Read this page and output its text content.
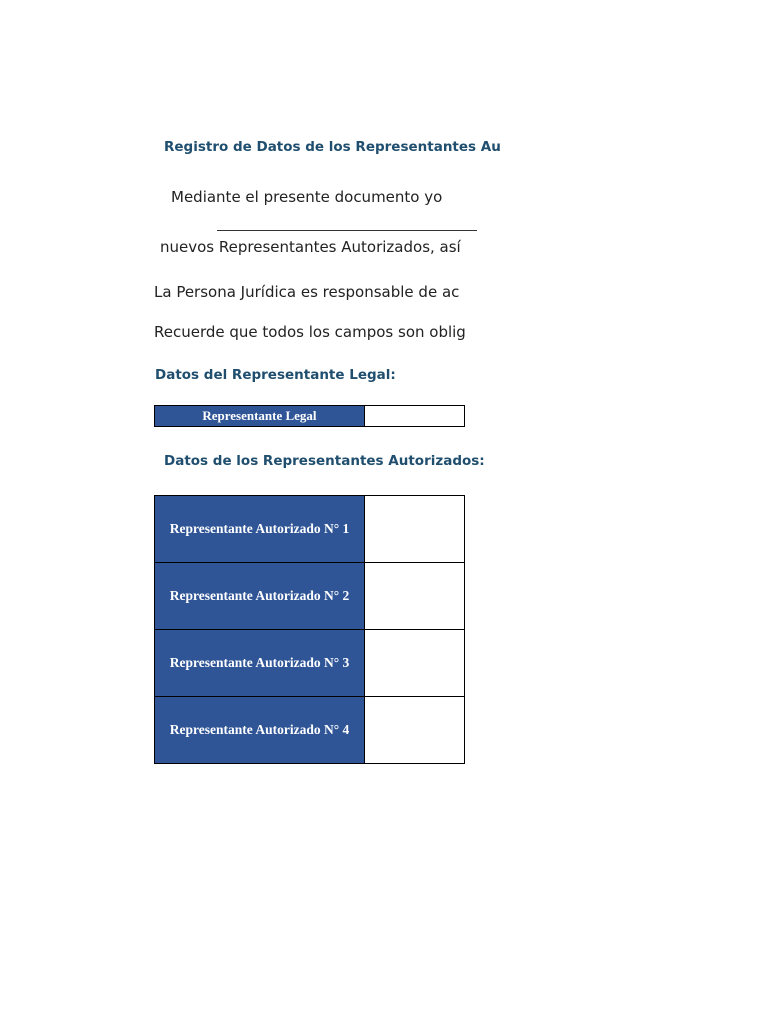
Registro de Datos de los Representantes Au
Mediante el presente documento yo
nuevos Representantes Autorizados, así
La Persona Jurídica es responsable de ac
Recuerde que todos los campos son oblig
Datos del Representante Legal:
Representante Legal	
Datos de los Representantes Autorizados:
Representante Autorizado N° 1	
Representante Autorizado N° 2	
Representante Autorizado N° 3	
Representante Autorizado N° 4	
